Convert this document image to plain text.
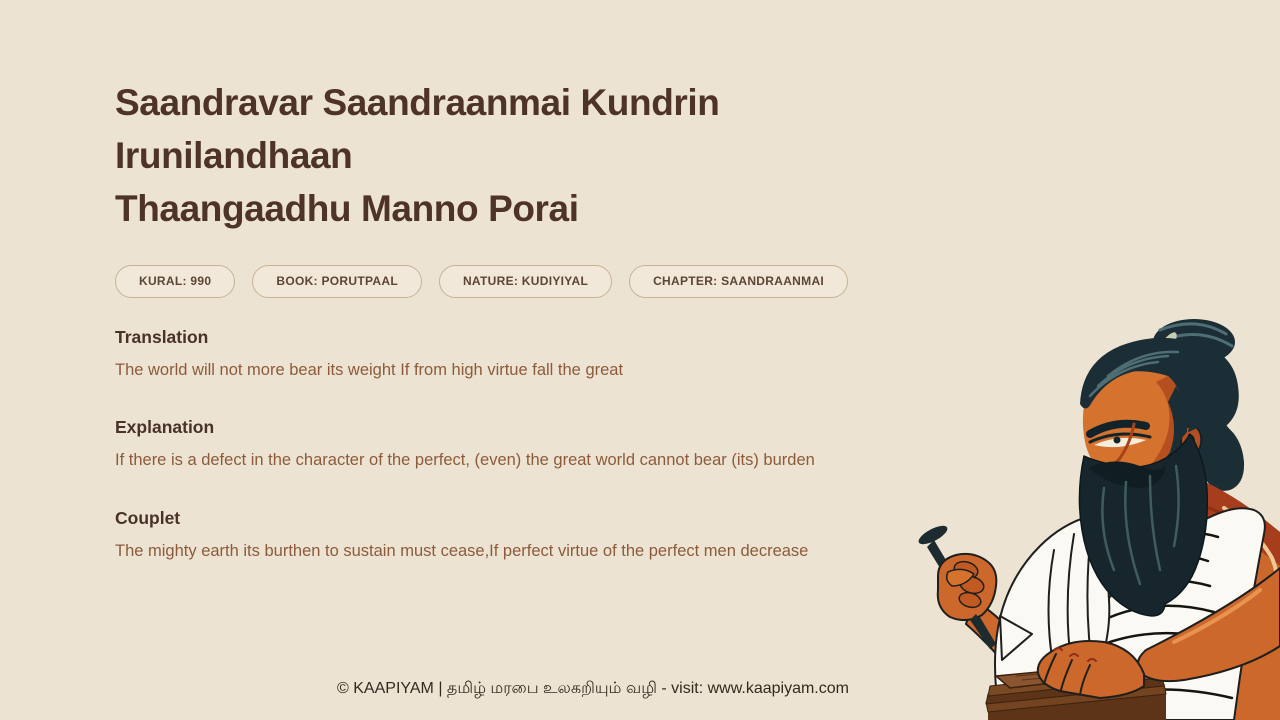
Saandravar Saandraanmai Kundrin Irunilandhaan
Thaangaadhu Manno Porai
KURAL: 990	BOOK: PORUTPAAL	NATURE: KUDIYIYAL	CHAPTER: SAANDRAANMAI
Translation

The world will not more bear its weight If from high virtue fall the great

Explanation

If there is a defect in the character of the perfect, (even) the great world cannot bear (its) burden

Couplet

The mighty earth its burthen to sustain must cease,If perfect virtue of the perfect men decrease

© KAAPIYAM | தமிழ் மரபை உலகறியும் வழி - visit: www.kaapiyam.com
